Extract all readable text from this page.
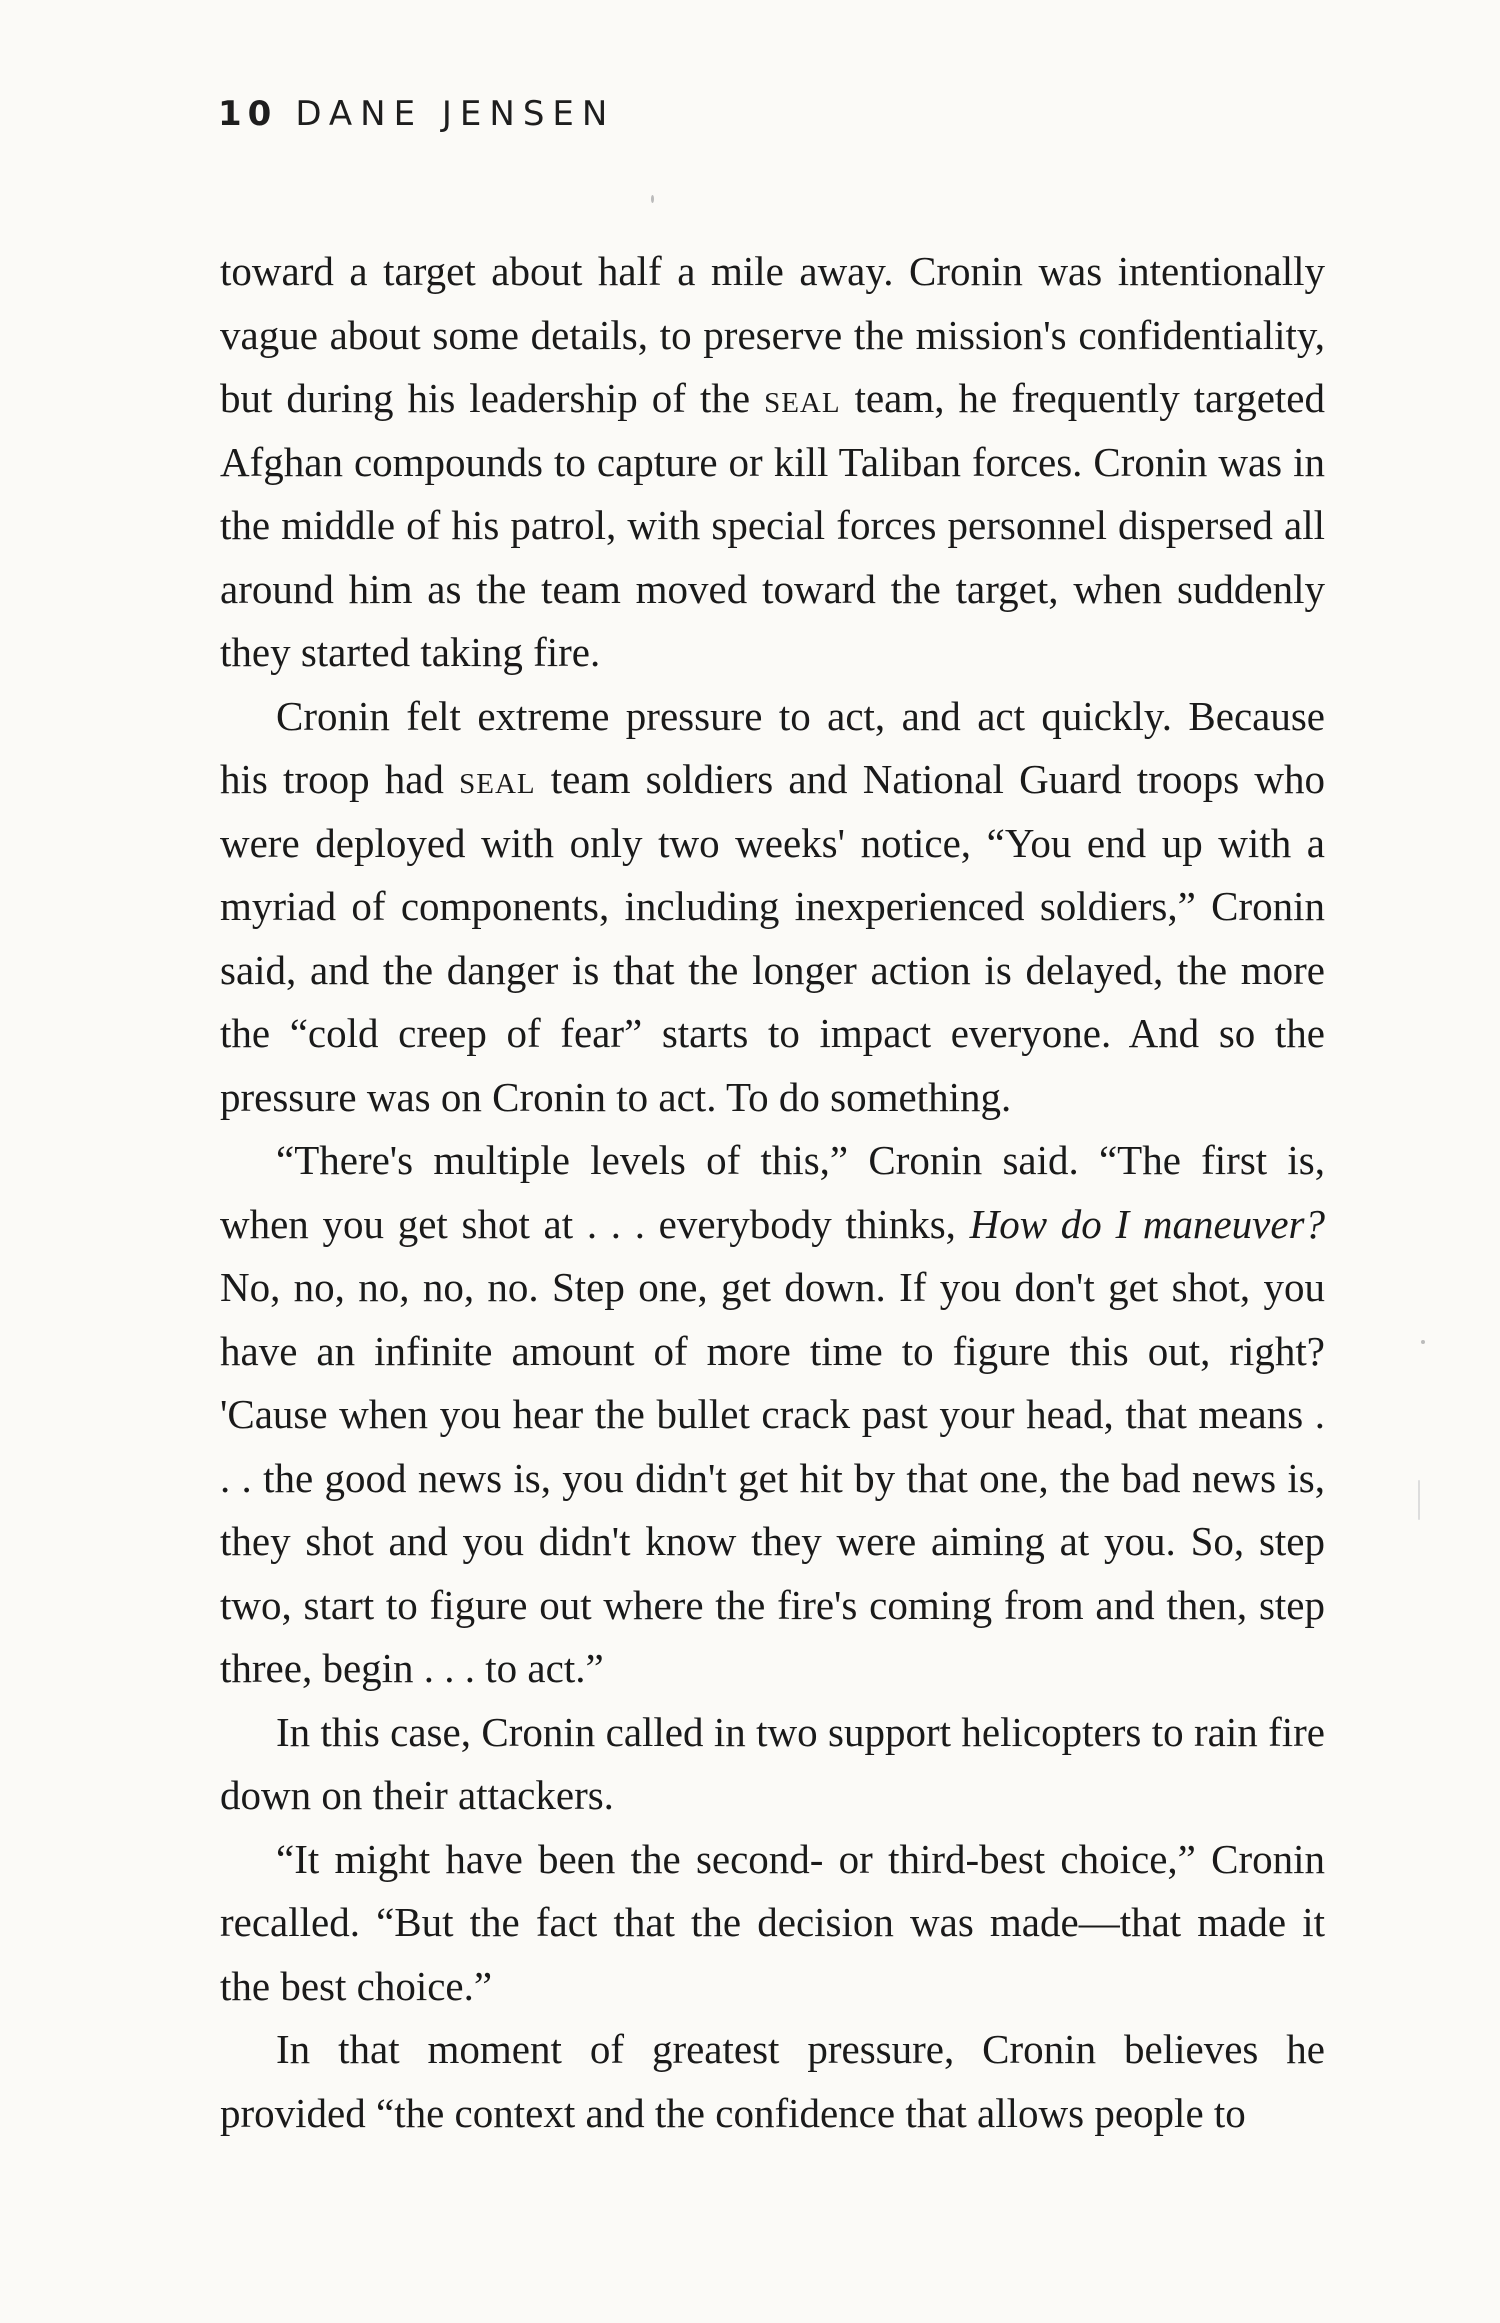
10 DANE JENSEN

toward a target about half a mile away. Cronin was intentionally vague about some details, to preserve the mission's confidentiality, but during his leadership of the seal team, he frequently targeted Afghan compounds to capture or kill Taliban forces. Cronin was in the middle of his patrol, with special forces personnel dispersed all around him as the team moved toward the target, when suddenly they started taking fire.

Cronin felt extreme pressure to act, and act quickly. Because his troop had seal team soldiers and National Guard troops who were deployed with only two weeks' notice, “You end up with a myriad of components, including inexperienced soldiers,” Cronin said, and the danger is that the longer action is delayed, the more the “cold creep of fear” starts to impact everyone. And so the pressure was on Cronin to act. To do something.

“There's multiple levels of this,” Cronin said. “The first is, when you get shot at . . . everybody thinks, How do I maneuver? No, no, no, no, no. Step one, get down. If you don't get shot, you have an infinite amount of more time to figure this out, right? 'Cause when you hear the bullet crack past your head, that means . . . the good news is, you didn't get hit by that one, the bad news is, they shot and you didn't know they were aiming at you. So, step two, start to figure out where the fire's coming from and then, step three, begin . . . to act.”

In this case, Cronin called in two support helicopters to rain fire down on their attackers.

“It might have been the second- or third-best choice,” Cronin recalled. “But the fact that the decision was made—that made it the best choice.”

In that moment of greatest pressure, Cronin believes he provided “the context and the confidence that allows people to
